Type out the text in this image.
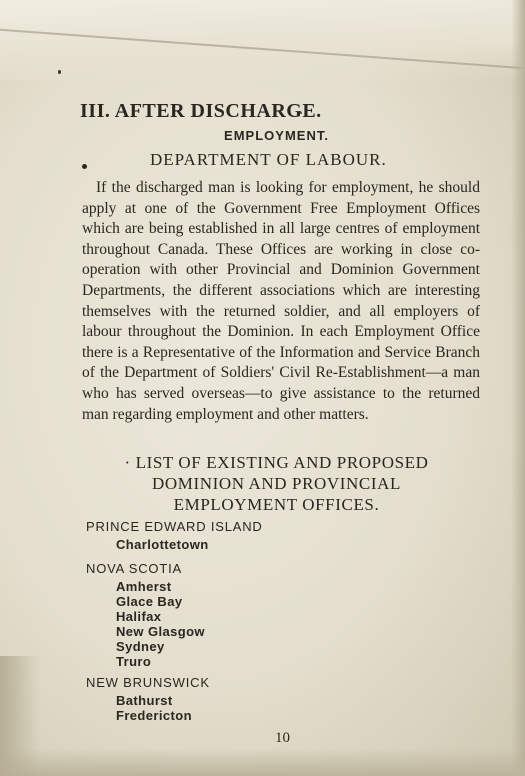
III. AFTER DISCHARGE.
EMPLOYMENT.
DEPARTMENT OF LABOUR.

If the discharged man is looking for employment, he should apply at one of the Government Free Employment Offices which are being established in all large centres of employment throughout Canada. These Offices are working in close co-operation with other Provincial and Dominion Government Departments, the different associations which are interesting themselves with the returned soldier, and all employers of labour throughout the Dominion. In each Employment Office there is a Representative of the Information and Service Branch of the Department of Soldiers' Civil Re-Establishment—a man who has served overseas—to give assistance to the returned man regarding employment and other matters.

· LIST OF EXISTING AND PROPOSED
DOMINION AND PROVINCIAL
EMPLOYMENT OFFICES.
PRINCE EDWARD ISLAND
Charlottetown
NOVA SCOTIA
Amherst
Glace Bay
Halifax
New Glasgow
Sydney
Truro
NEW BRUNSWICK
Bathurst
Fredericton
10
